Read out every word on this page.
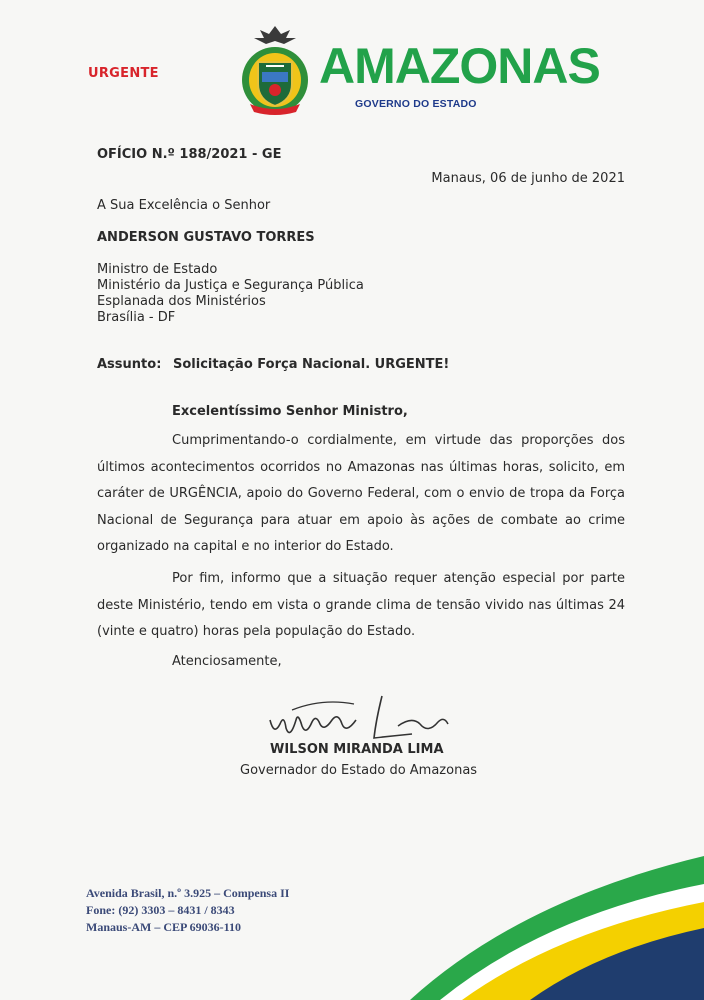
URGENTE	AMAZONAS
GOVERNO DO ESTADO
OFÍCIO N.º 188/2021 - GE
Manaus, 06 de junho de 2021
A Sua Excelência o Senhor
ANDERSON GUSTAVO TORRES
Ministro de Estado
Ministério da Justiça e Segurança Pública
Esplanada dos Ministérios
Brasília - DF
Assunto: Solicitação Força Nacional. URGENTE!
Excelentíssimo Senhor Ministro,
Cumprimentando-o cordialmente, em virtude das proporções dos últimos acontecimentos ocorridos no Amazonas nas últimas horas, solicito, em caráter de URGÊNCIA, apoio do Governo Federal, com o envio de tropa da Força Nacional de Segurança para atuar em apoio às ações de combate ao crime organizado na capital e no interior do Estado.
Por fim, informo que a situação requer atenção especial por parte deste Ministério, tendo em vista o grande clima de tensão vivido nas últimas 24 (vinte e quatro) horas pela população do Estado.
Atenciosamente,
WILSON MIRANDA LIMA
Governador do Estado do Amazonas
Avenida Brasil, n.º 3.925 – Compensa II
Fone: (92) 3303 – 8431 / 8343
Manaus-AM – CEP 69036-110
